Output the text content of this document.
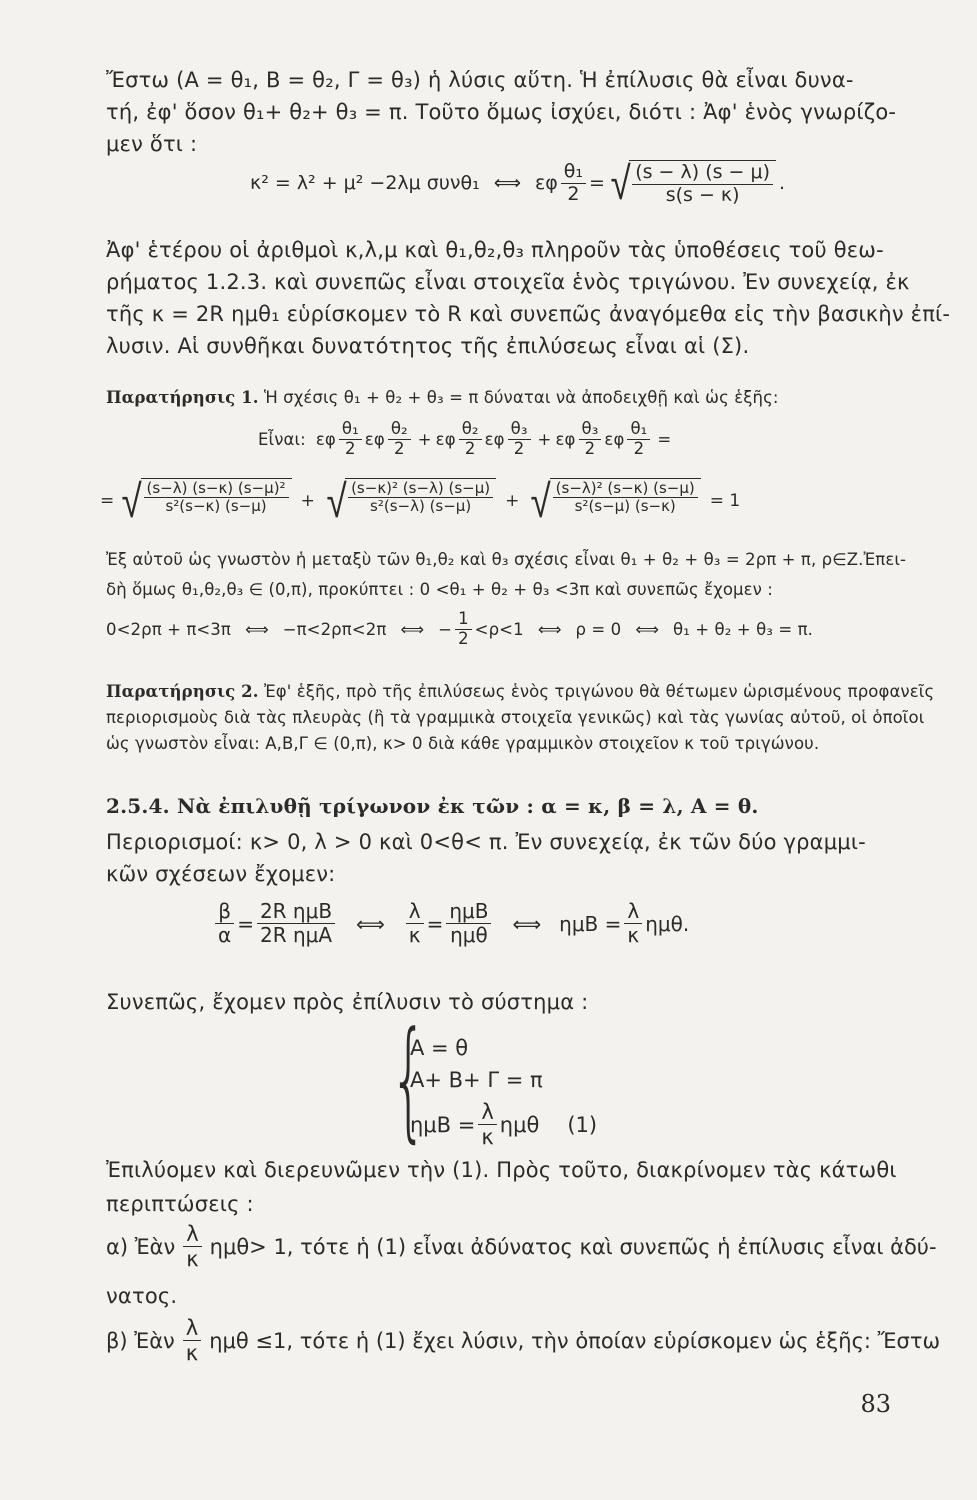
Ἔστω (Α = θ₁, Β = θ₂, Γ = θ₃) ἡ λύσις αὕτη. Ἡ ἐπίλυσις θὰ εἶναι δυνα-
τή, ἐφ' ὅσον θ₁+ θ₂+ θ₃ = π. Τοῦτο ὅμως ἰσχύει, διότι : Ἀφ' ἑνὸς γνωρίζο-
μεν ὅτι :
κ² = λ² + μ² −2λμ συνθ₁ ⟺ εφ $\frac{\text{θ₁}}{2}$ = √ $\frac{(s - \lambda) (s - \mu)}{s(s - \kappa)}$ .
Ἀφ' ἑτέρου οἱ ἀριθμοὶ κ,λ,μ καὶ θ₁,θ₂,θ₃ πληροῦν τὰς ὑποθέσεις τοῦ θεω-
ρήματος 1.2.3. καὶ συνεπῶς εἶναι στοιχεῖα ἑνὸς τριγώνου. Ἐν συνεχείᾳ, ἐκ
τῆς κ = 2R ημθ₁ εὑρίσκομεν τὸ R καὶ συνεπῶς ἀναγόμεθα εἰς τὴν βασικὴν ἐπί-
λυσιν. Αἱ συνθῆκαι δυνατότητος τῆς ἐπιλύσεως εἶναι αἱ (Σ).
Παρατήρησις 1. Ἡ σχέσις θ₁ + θ₂ + θ₃ = π δύναται νὰ ἀποδειχθῇ καὶ ὡς ἑξῆς:
Εἶναι: εφ $\frac{\text{θ₁}}{2}$ εφ $\frac{\text{θ₂}}{2} + \varepsilon\varphi \frac{\text{θ₂}}{2}$ εφ $\frac{\text{θ₃}}{2} + \varepsilon\varphi \frac{\text{θ₃}}{2}$ εφ $\frac{\text{θ₁}}{2}$ =
= √ $\frac{\text{(s−λ) (s−κ) (s−μ)²}}{\text{s²(s−κ) (s−μ)}}$ + √ $\frac{\text{(s−κ)² (s−λ) (s−μ)}}{\text{s²(s−λ) (s−μ)}}$ + √ $\frac{\text{(s−λ)² (s−κ) (s−μ)}}{\text{s²(s−μ) (s−κ)}} = 1$
Ἐξ αὐτοῦ ὡς γνωστὸν ἡ μεταξὺ τῶν θ₁,θ₂ καὶ θ₃ σχέσις εἶναι θ₁ + θ₂ + θ₃ = 2ρπ + π, ρ∈Z.Ἐπει-
δὴ ὅμως θ₁,θ₂,θ₃ ∈ (0,π), προκύπτει : 0 <θ₁ + θ₂ + θ₃ <3π καὶ συνεπῶς ἔχομεν :
0<2ρπ + π<3π ⟺ −π<2ρπ<2π ⟺ − $\frac{1}{2} <\rho<1$ ⟺ ρ = 0 ⟺ θ₁ + θ₂ + θ₃ = π.
Παρατήρησις 2. Ἐφ' ἑξῆς, πρὸ τῆς ἐπιλύσεως ἑνὸς τριγώνου θὰ θέτωμεν ὡρισμένους προφανεῖς
περιορισμοὺς διὰ τὰς πλευρὰς (ἢ τὰ γραμμικὰ στοιχεῖα γενικῶς) καὶ τὰς γωνίας αὐτοῦ, οἱ ὁποῖοι
ὡς γνωστὸν εἶναι: Α,Β,Γ ∈ (0,π), κ> 0 διὰ κάθε γραμμικὸν στοιχεῖον κ τοῦ τριγώνου.
2.5.4. Νὰ ἐπιλυθῇ τρίγωνον ἐκ τῶν : α = κ, β = λ, Α = θ.
Περιορισμοί: κ> 0, λ > 0 καὶ 0<θ< π. Ἐν συνεχείᾳ, ἐκ τῶν δύο γραμμι-
κῶν σχέσεων ἔχομεν:
$\frac{\beta}{\alpha} = \frac{\text{2R ημΒ}}{\text{2R ημΑ}}$ ⟺ $\frac{\lambda}{\kappa} = \frac{\text{ημΒ}}{\text{ημθ}}$ ⟺ $\eta\mu B = \frac{\lambda}{\kappa} \eta\mu\theta$.
Συνεπῶς, ἔχομεν πρὸς ἐπίλυσιν τὸ σύστημα :
{
Α = θ
Α+ Β+ Γ = π
$\eta\mu B = \frac{\lambda}{\kappa}$ ημθ (1)
Ἐπιλύομεν καὶ διερευνῶμεν τὴν (1). Πρὸς τοῦτο, διακρίνομεν τὰς κάτωθι
περιπτώσεις :
α) Ἐὰν $\frac{\lambda}{\kappa} \eta\mu\theta> 1$, τότε ἡ (1) εἶναι ἀδύνατος καὶ συνεπῶς ἡ ἐπίλυσις εἶναι ἀδύ-
νατος.
β) Ἐὰν $\frac{\lambda}{\kappa}$ ημθ ≤1, τότε ἡ (1) ἔχει λύσιν, τὴν ὁποίαν εὑρίσκομεν ὡς ἑξῆς: Ἔστω
83
